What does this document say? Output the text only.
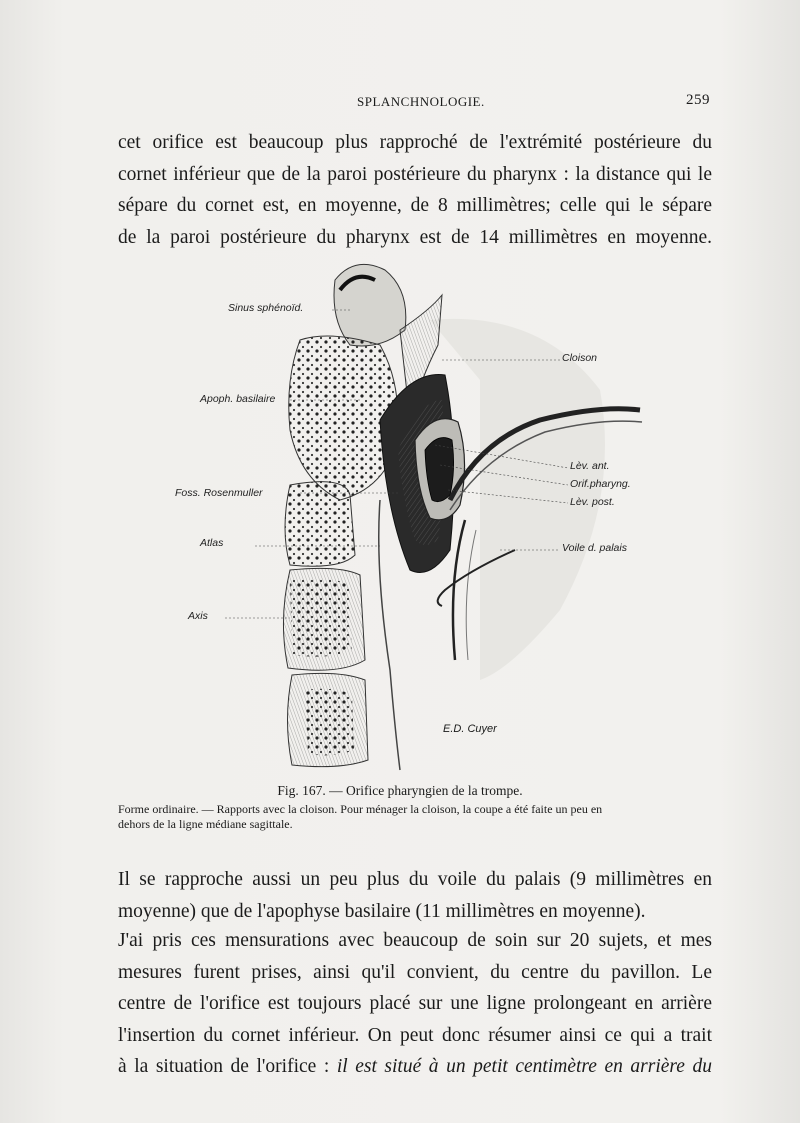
SPLANCHNOLOGIE.	259
cet orifice est beaucoup plus rapproché de l'extrémité postérieure du
cornet inférieur que de la paroi postérieure du pharynx : la distance qui le
sépare du cornet est, en moyenne, de 8 millimètres; celle qui le sépare
de la paroi postérieure du pharynx est de 14 millimètres en moyenne.
Sinus sphénoïd.
Cloison
Apoph. basilaire
Lèv. ant.
Orif.pharyng.
Foss. Rosenmuller
Lèv. post.
Atlas	Voile d. palais
Axis
E.D. Cuyer
Fig. 167. — Orifice pharyngien de la trompe.
Forme ordinaire. — Rapports avec la cloison. Pour ménager la cloison, la coupe a été faite un peu en
dehors de la ligne médiane sagittale.
Il se rapproche aussi un peu plus du voile du palais (9 millimètres en
moyenne) que de l'apophyse basilaire (11 millimètres en moyenne).
J'ai pris ces mensurations avec beaucoup de soin sur 20 sujets, et mes
mesures furent prises, ainsi qu'il convient, du centre du pavillon. Le
centre de l'orifice est toujours placé sur une ligne prolongeant en arrière
l'insertion du cornet inférieur. On peut donc résumer ainsi ce qui a trait
à la situation de l'orifice : il est situé à un petit centimètre en arrière du
